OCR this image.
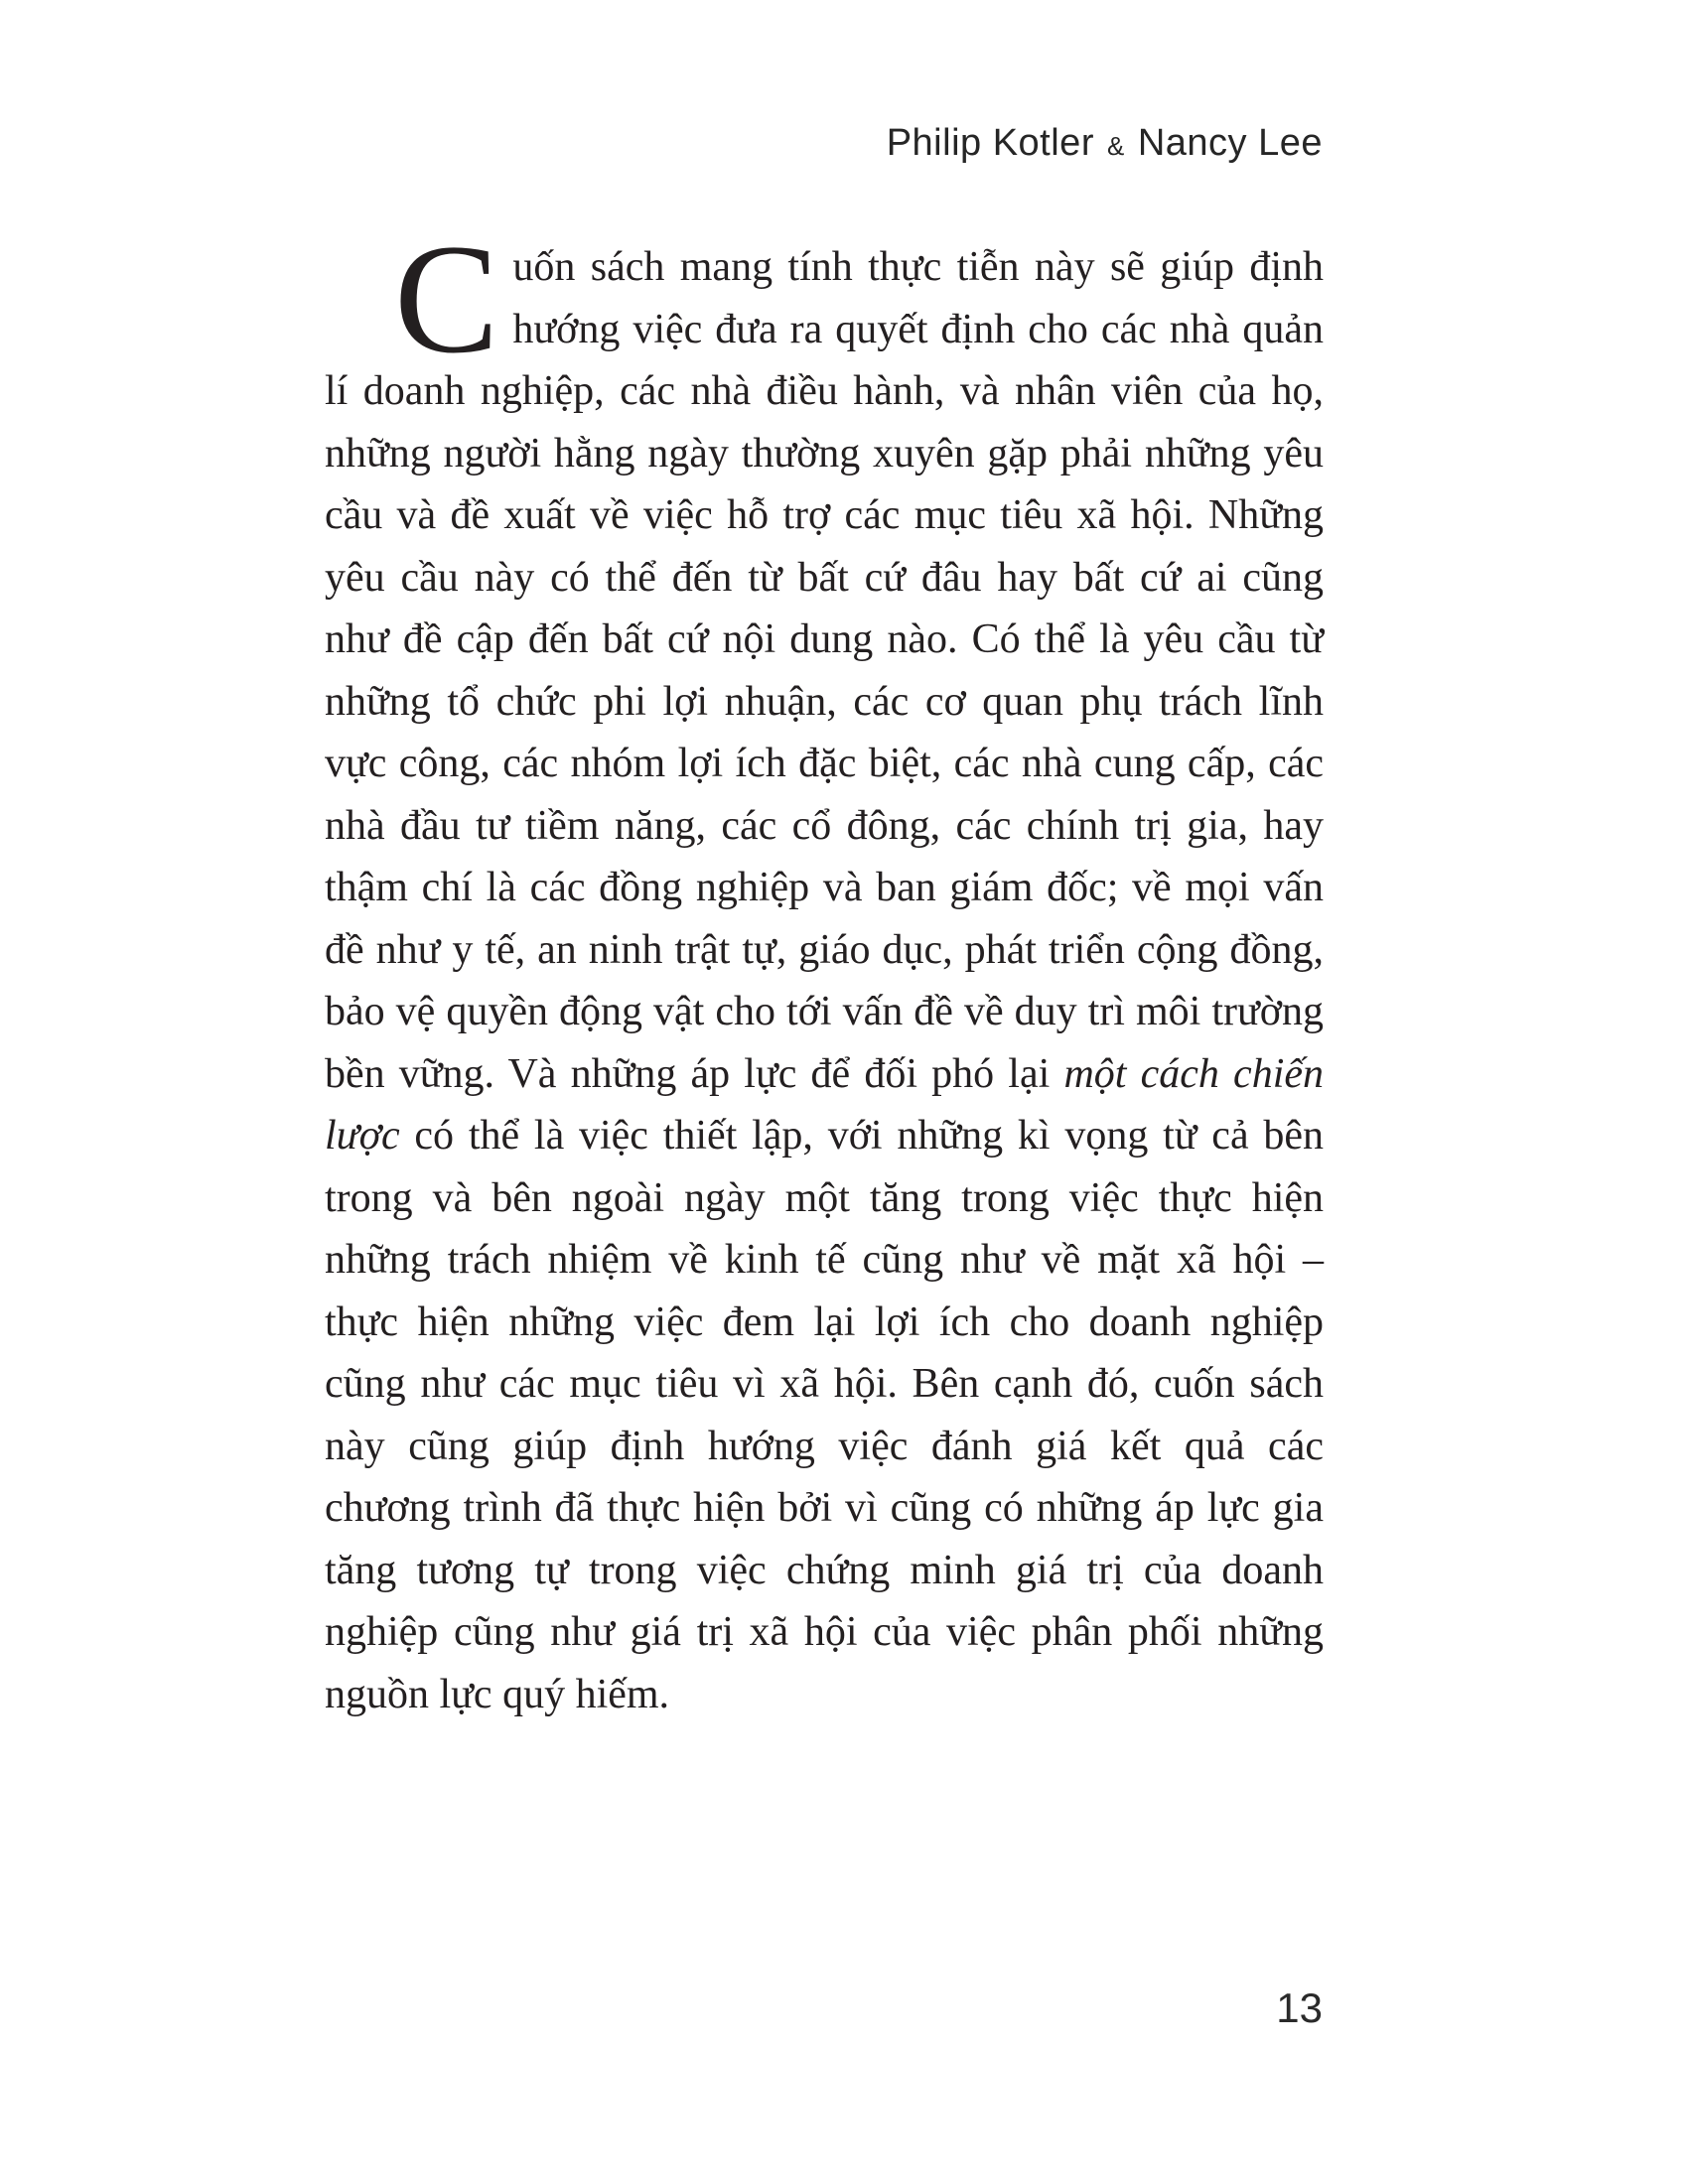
Philip Kotler & Nancy Lee

Cuốn sách mang tính thực tiễn này sẽ giúp định hướng việc đưa ra quyết định cho các nhà quản lí doanh nghiệp, các nhà điều hành, và nhân viên của họ, những người hằng ngày thường xuyên gặp phải những yêu cầu và đề xuất về việc hỗ trợ các mục tiêu xã hội. Những yêu cầu này có thể đến từ bất cứ đâu hay bất cứ ai cũng như đề cập đến bất cứ nội dung nào. Có thể là yêu cầu từ những tổ chức phi lợi nhuận, các cơ quan phụ trách lĩnh vực công, các nhóm lợi ích đặc biệt, các nhà cung cấp, các nhà đầu tư tiềm năng, các cổ đông, các chính trị gia, hay thậm chí là các đồng nghiệp và ban giám đốc; về mọi vấn đề như y tế, an ninh trật tự, giáo dục, phát triển cộng đồng, bảo vệ quyền động vật cho tới vấn đề về duy trì môi trường bền vững. Và những áp lực để đối phó lại một cách chiến lược có thể là việc thiết lập, với những kì vọng từ cả bên trong và bên ngoài ngày một tăng trong việc thực hiện những trách nhiệm về kinh tế cũng như về mặt xã hội – thực hiện những việc đem lại lợi ích cho doanh nghiệp cũng như các mục tiêu vì xã hội. Bên cạnh đó, cuốn sách này cũng giúp định hướng việc đánh giá kết quả các chương trình đã thực hiện bởi vì cũng có những áp lực gia tăng tương tự trong việc chứng minh giá trị của doanh nghiệp cũng như giá trị xã hội của việc phân phối những nguồn lực quý hiếm.

13
